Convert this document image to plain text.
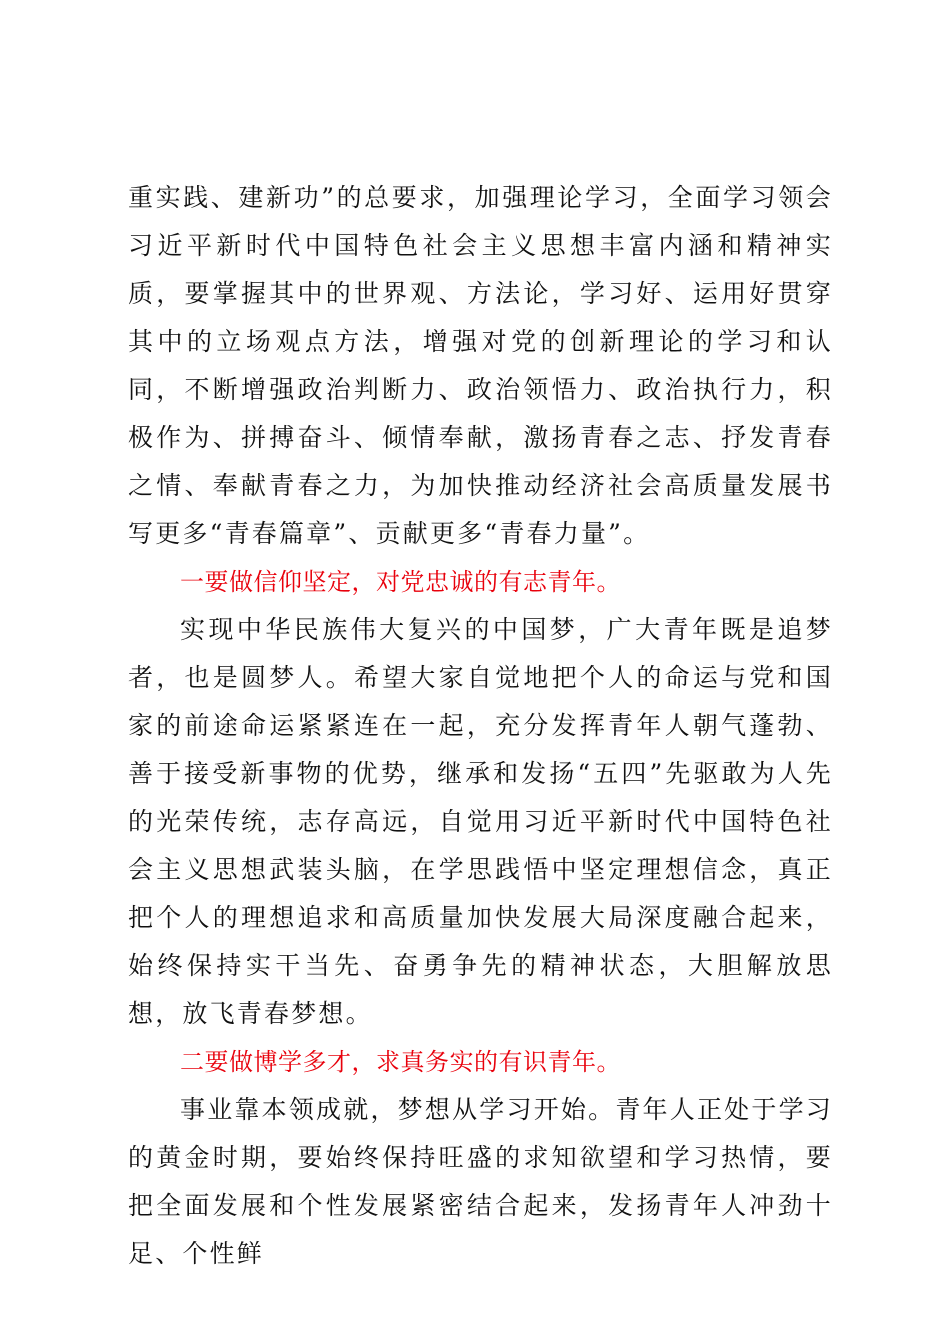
重实践、建新功”的总要求，加强理论学习，全面学习领会习近平新时代中国特色社会主义思想丰富内涵和精神实质，要掌握其中的世界观、方法论，学习好、运用好贯穿其中的立场观点方法，增强对党的创新理论的学习和认同，不断增强政治判断力、政治领悟力、政治执行力，积极作为、拼搏奋斗、倾情奉献，激扬青春之志、抒发青春之情、奉献青春之力，为加快推动经济社会高质量发展书写更多“青春篇章”、贡献更多“青春力量”。

一要做信仰坚定，对党忠诚的有志青年。

实现中华民族伟大复兴的中国梦，广大青年既是追梦者，也是圆梦人。希望大家自觉地把个人的命运与党和国家的前途命运紧紧连在一起，充分发挥青年人朝气蓬勃、善于接受新事物的优势，继承和发扬“五四”先驱敢为人先的光荣传统，志存高远，自觉用习近平新时代中国特色社会主义思想武装头脑，在学思践悟中坚定理想信念，真正把个人的理想追求和高质量加快发展大局深度融合起来，始终保持实干当先、奋勇争先的精神状态，大胆解放思想，放飞青春梦想。

二要做博学多才，求真务实的有识青年。

事业靠本领成就，梦想从学习开始。青年人正处于学习的黄金时期，要始终保持旺盛的求知欲望和学习热情，要把全面发展和个性发展紧密结合起来，发扬青年人冲劲十足、个性鲜
